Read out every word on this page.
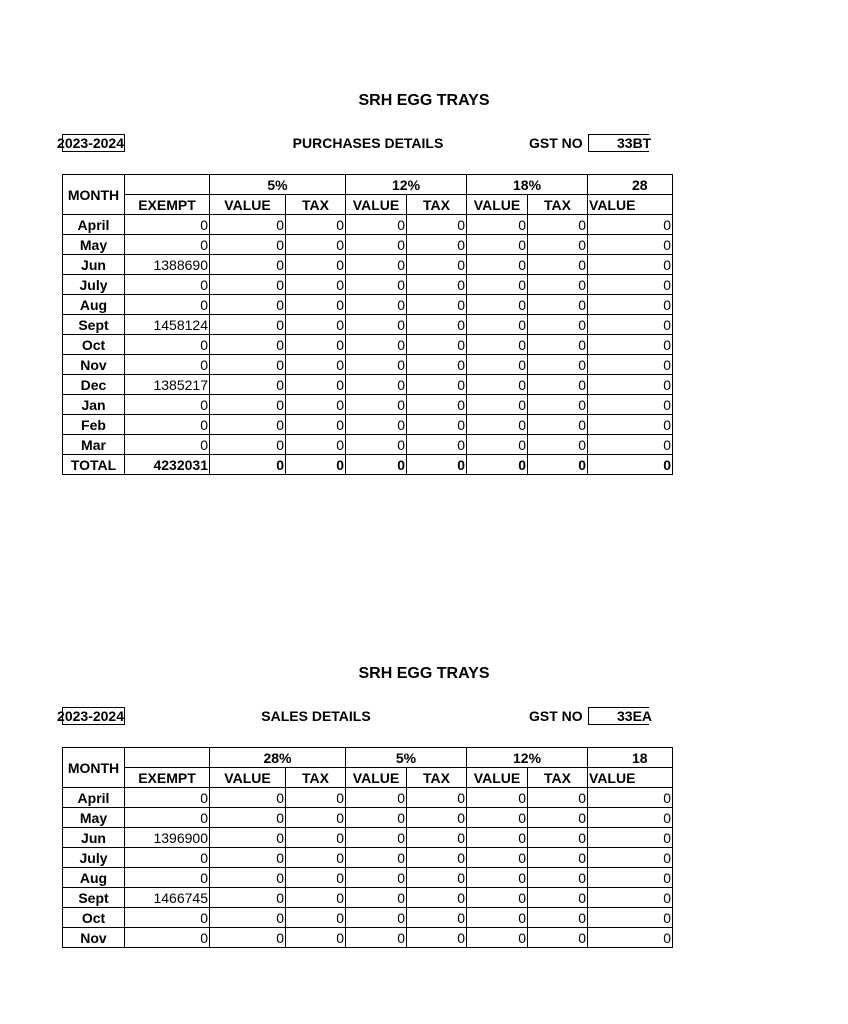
SRH EGG TRAYS
2023-2024	PURCHASES DETAILS	GST NO	33BT
MONTH		5%		12%		18%		28
	EXEMPT	VALUE	TAX	VALUE	TAX	VALUE	TAX	VALUE
April	0	0	0	0	0	0	0	0
May	0	0	0	0	0	0	0	0
Jun	1388690	0	0	0	0	0	0	0
July	0	0	0	0	0	0	0	0
Aug	0	0	0	0	0	0	0	0
Sept	1458124	0	0	0	0	0	0	0
Oct	0	0	0	0	0	0	0	0
Nov	0	0	0	0	0	0	0	0
Dec	1385217	0	0	0	0	0	0	0
Jan	0	0	0	0	0	0	0	0
Feb	0	0	0	0	0	0	0	0
Mar	0	0	0	0	0	0	0	0
TOTAL	4232031	0	0	0	0	0	0	0
SRH EGG TRAYS
2023-2024	SALES DETAILS	GST NO	33EA
MONTH		28%		5%		12%		18
	EXEMPT	VALUE	TAX	VALUE	TAX	VALUE	TAX	VALUE
April	0	0	0	0	0	0	0	0
May	0	0	0	0	0	0	0	0
Jun	1396900	0	0	0	0	0	0	0
July	0	0	0	0	0	0	0	0
Aug	0	0	0	0	0	0	0	0
Sept	1466745	0	0	0	0	0	0	0
Oct	0	0	0	0	0	0	0	0
Nov	0	0	0	0	0	0	0	0
